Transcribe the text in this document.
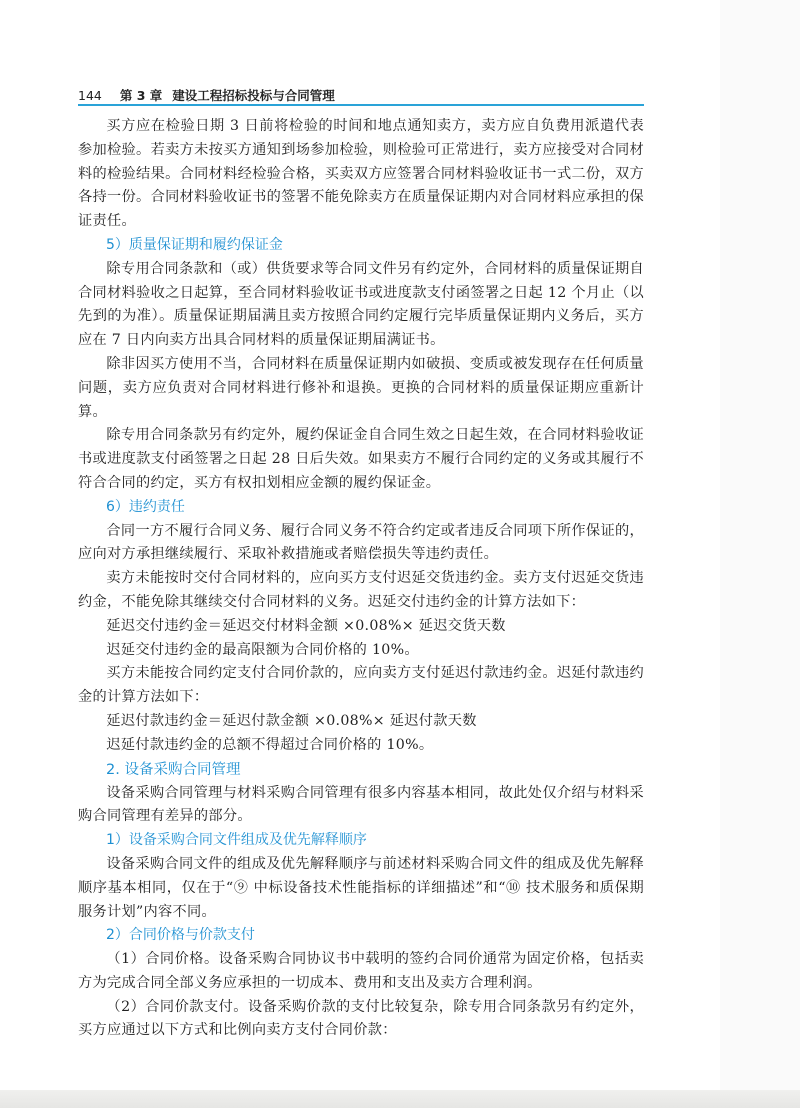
144 第 3 章 建设工程招标投标与合同管理

买方应在检验日期 3 日前将检验的时间和地点通知卖方，卖方应自负费用派遣代表参加检验。若卖方未按买方通知到场参加检验，则检验可正常进行，卖方应接受对合同材料的检验结果。合同材料经检验合格，买卖双方应签署合同材料验收证书一式二份，双方各持一份。合同材料验收证书的签署不能免除卖方在质量保证期内对合同材料应承担的保证责任。

5）质量保证期和履约保证金

除专用合同条款和（或）供货要求等合同文件另有约定外，合同材料的质量保证期自合同材料验收之日起算，至合同材料验收证书或进度款支付函签署之日起 12 个月止（以先到的为准）。质量保证期届满且卖方按照合同约定履行完毕质量保证期内义务后，买方应在 7 日内向卖方出具合同材料的质量保证期届满证书。

除非因买方使用不当，合同材料在质量保证期内如破损、变质或被发现存在任何质量问题，卖方应负责对合同材料进行修补和退换。更换的合同材料的质量保证期应重新计算。

除专用合同条款另有约定外，履约保证金自合同生效之日起生效，在合同材料验收证书或进度款支付函签署之日起 28 日后失效。如果卖方不履行合同约定的义务或其履行不符合合同的约定，买方有权扣划相应金额的履约保证金。

6）违约责任

合同一方不履行合同义务、履行合同义务不符合约定或者违反合同项下所作保证的，应向对方承担继续履行、采取补救措施或者赔偿损失等违约责任。

卖方未能按时交付合同材料的，应向买方支付迟延交货违约金。卖方支付迟延交货违约金，不能免除其继续交付合同材料的义务。迟延交付违约金的计算方法如下：

延迟交付违约金＝延迟交付材料金额 ×0.08%× 延迟交货天数

迟延交付违约金的最高限额为合同价格的 10%。

买方未能按合同约定支付合同价款的，应向卖方支付延迟付款违约金。迟延付款违约金的计算方法如下：

延迟付款违约金＝延迟付款金额 ×0.08%× 延迟付款天数

迟延付款违约金的总额不得超过合同价格的 10%。

2. 设备采购合同管理

设备采购合同管理与材料采购合同管理有很多内容基本相同，故此处仅介绍与材料采购合同管理有差异的部分。

1）设备采购合同文件组成及优先解释顺序

设备采购合同文件的组成及优先解释顺序与前述材料采购合同文件的组成及优先解释顺序基本相同，仅在于“⑨ 中标设备技术性能指标的详细描述”和“⑩ 技术服务和质保期服务计划”内容不同。

2）合同价格与价款支付

（1）合同价格。设备采购合同协议书中载明的签约合同价通常为固定价格，包括卖方为完成合同全部义务应承担的一切成本、费用和支出及卖方合理利润。

（2）合同价款支付。设备采购价款的支付比较复杂，除专用合同条款另有约定外，买方应通过以下方式和比例向卖方支付合同价款：
